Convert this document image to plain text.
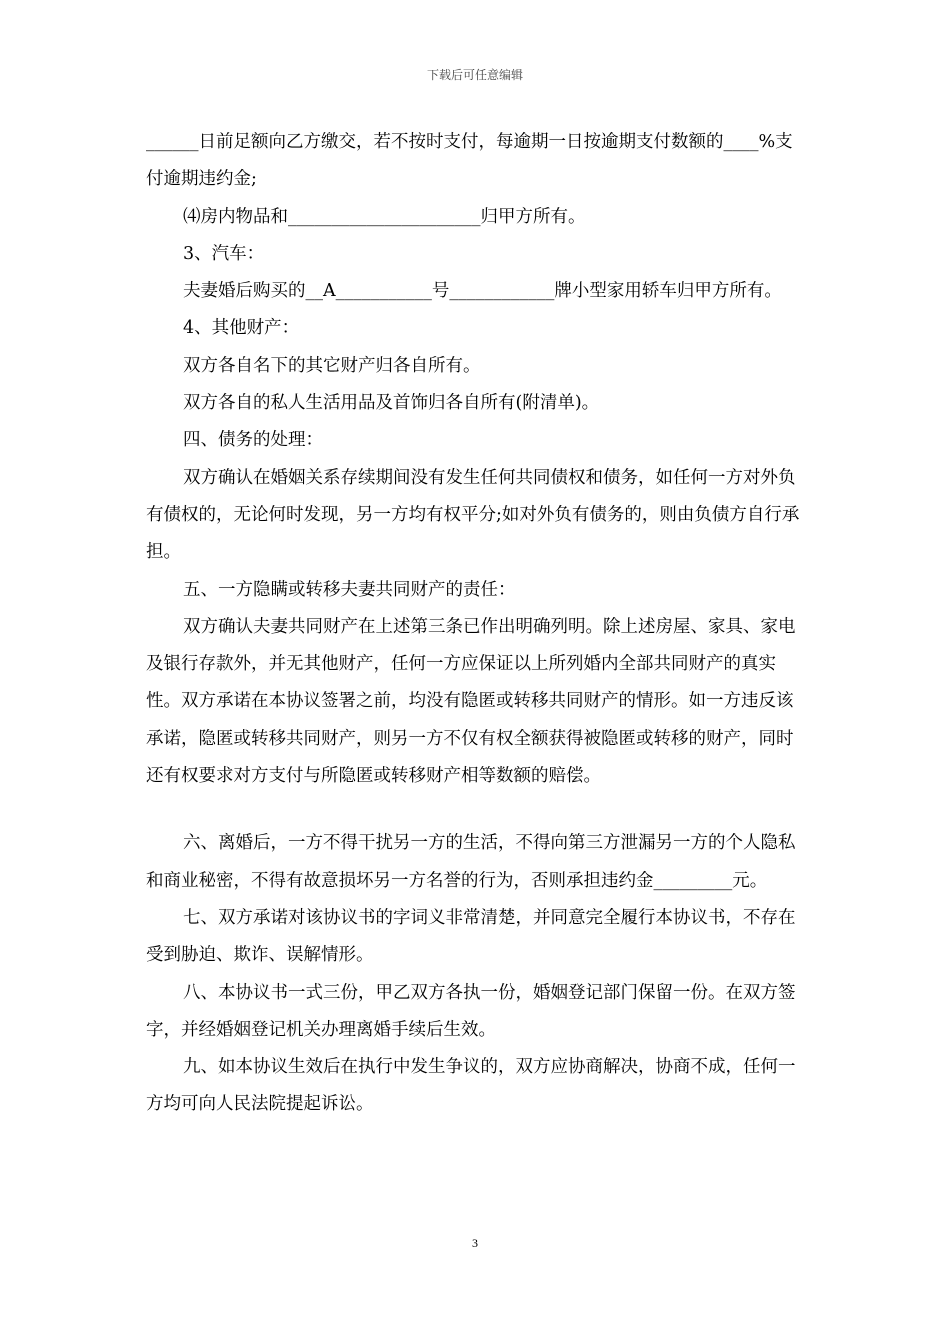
下载后可任意编辑

______日前足额向乙方缴交，若不按时支付，每逾期一日按逾期支付数额的____%支付逾期违约金;

⑷房内物品和______________________归甲方所有。

3、汽车：

夫妻婚后购买的__A___________号____________牌小型家用轿车归甲方所有。

4、其他财产：

双方各自名下的其它财产归各自所有。

双方各自的私人生活用品及首饰归各自所有(附清单)。

四、债务的处理：

双方确认在婚姻关系存续期间没有发生任何共同债权和债务，如任何一方对外负有债权的，无论何时发现，另一方均有权平分;如对外负有债务的，则由负债方自行承担。

五、一方隐瞒或转移夫妻共同财产的责任：

双方确认夫妻共同财产在上述第三条已作出明确列明。除上述房屋、家具、家电及银行存款外，并无其他财产，任何一方应保证以上所列婚内全部共同财产的真实性。双方承诺在本协议签署之前，均没有隐匿或转移共同财产的情形。如一方违反该承诺，隐匿或转移共同财产，则另一方不仅有权全额获得被隐匿或转移的财产，同时还有权要求对方支付与所隐匿或转移财产相等数额的赔偿。

六、离婚后，一方不得干扰另一方的生活，不得向第三方泄漏另一方的个人隐私和商业秘密，不得有故意损坏另一方名誉的行为，否则承担违约金_________元。

七、双方承诺对该协议书的字词义非常清楚，并同意完全履行本协议书，不存在受到胁迫、欺诈、误解情形。

八、本协议书一式三份，甲乙双方各执一份，婚姻登记部门保留一份。在双方签字，并经婚姻登记机关办理离婚手续后生效。

九、如本协议生效后在执行中发生争议的，双方应协商解决，协商不成，任何一方均可向人民法院提起诉讼。

3
